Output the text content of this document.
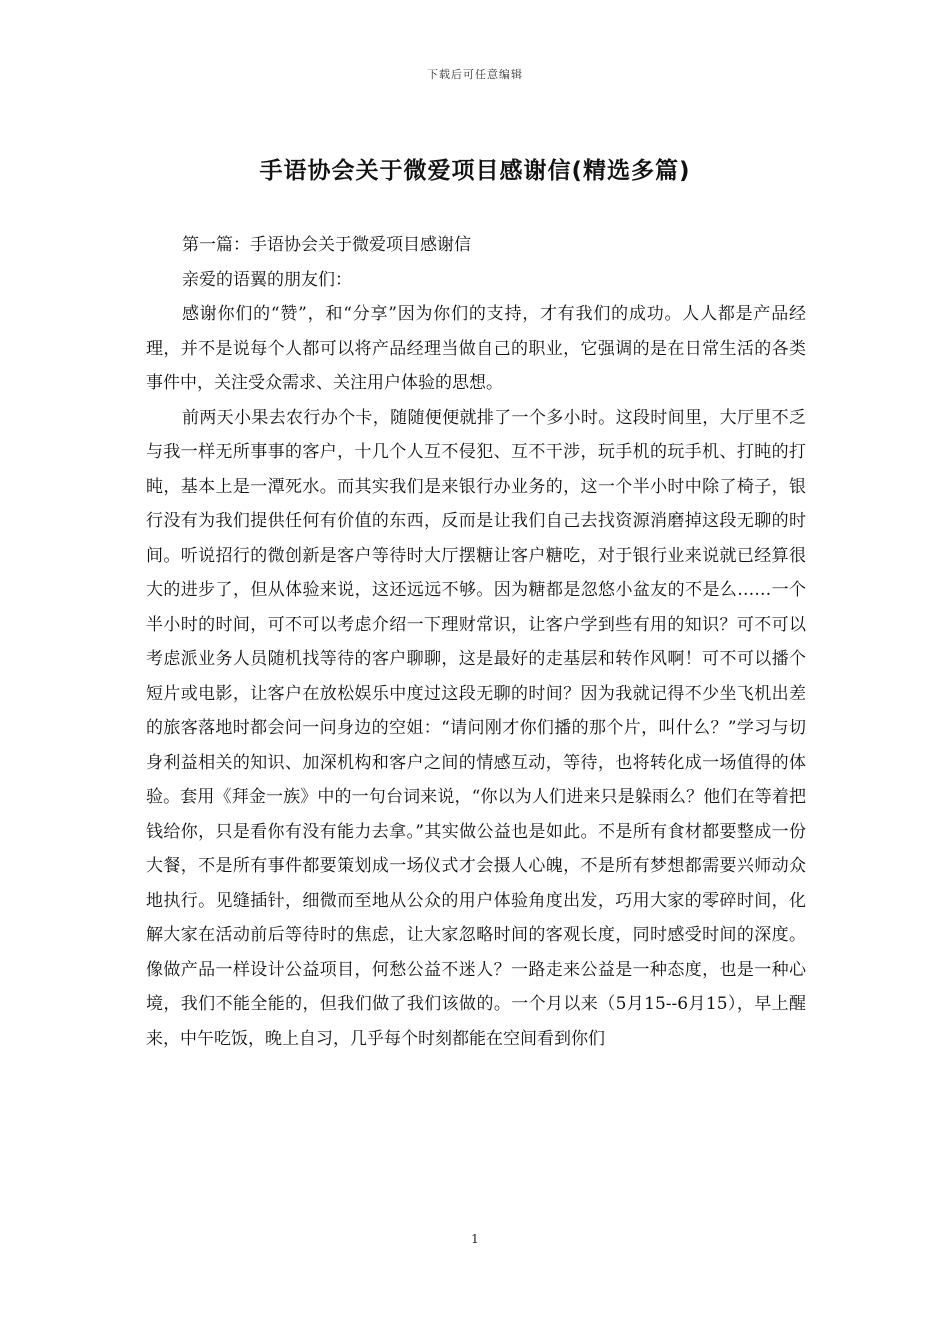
下载后可任意编辑
手语协会关于微爱项目感谢信(精选多篇)

第一篇：手语协会关于微爱项目感谢信

亲爱的语翼的朋友们：

感谢你们的“赞”，和“分享”因为你们的支持，才有我们的成功。人人都是产品经理，并不是说每个人都可以将产品经理当做自己的职业，它强调的是在日常生活的各类事件中，关注受众需求、关注用户体验的思想。

前两天小果去农行办个卡，随随便便就排了一个多小时。这段时间里，大厅里不乏与我一样无所事事的客户，十几个人互不侵犯、互不干涉，玩手机的玩手机、打盹的打盹，基本上是一潭死水。而其实我们是来银行办业务的，这一个半小时中除了椅子，银行没有为我们提供任何有价值的东西，反而是让我们自己去找资源消磨掉这段无聊的时间。听说招行的微创新是客户等待时大厅摆糖让客户糖吃，对于银行业来说就已经算很大的进步了，但从体验来说，这还远远不够。因为糖都是忽悠小盆友的不是么……一个半小时的时间，可不可以考虑介绍一下理财常识，让客户学到些有用的知识？可不可以考虑派业务人员随机找等待的客户聊聊，这是最好的走基层和转作风啊！可不可以播个短片或电影，让客户在放松娱乐中度过这段无聊的时间？因为我就记得不少坐飞机出差的旅客落地时都会问一问身边的空姐：“请问刚才你们播的那个片，叫什么？”学习与切身利益相关的知识、加深机构和客户之间的情感互动，等待，也将转化成一场值得的体验。套用《拜金一族》中的一句台词来说，“你以为人们进来只是躲雨么？他们在等着把钱给你，只是看你有没有能力去拿。”其实做公益也是如此。不是所有食材都要整成一份大餐，不是所有事件都要策划成一场仪式才会摄人心魄，不是所有梦想都需要兴师动众地执行。见缝插针，细微而至地从公众的用户体验角度出发，巧用大家的零碎时间，化解大家在活动前后等待时的焦虑，让大家忽略时间的客观长度，同时感受时间的深度。像做产品一样设计公益项目，何愁公益不迷人？一路走来公益是一种态度，也是一种心境，我们不能全能的，但我们做了我们该做的。一个月以来（5月15--6月15），早上醒来，中午吃饭，晚上自习，几乎每个时刻都能在空间看到你们

1
